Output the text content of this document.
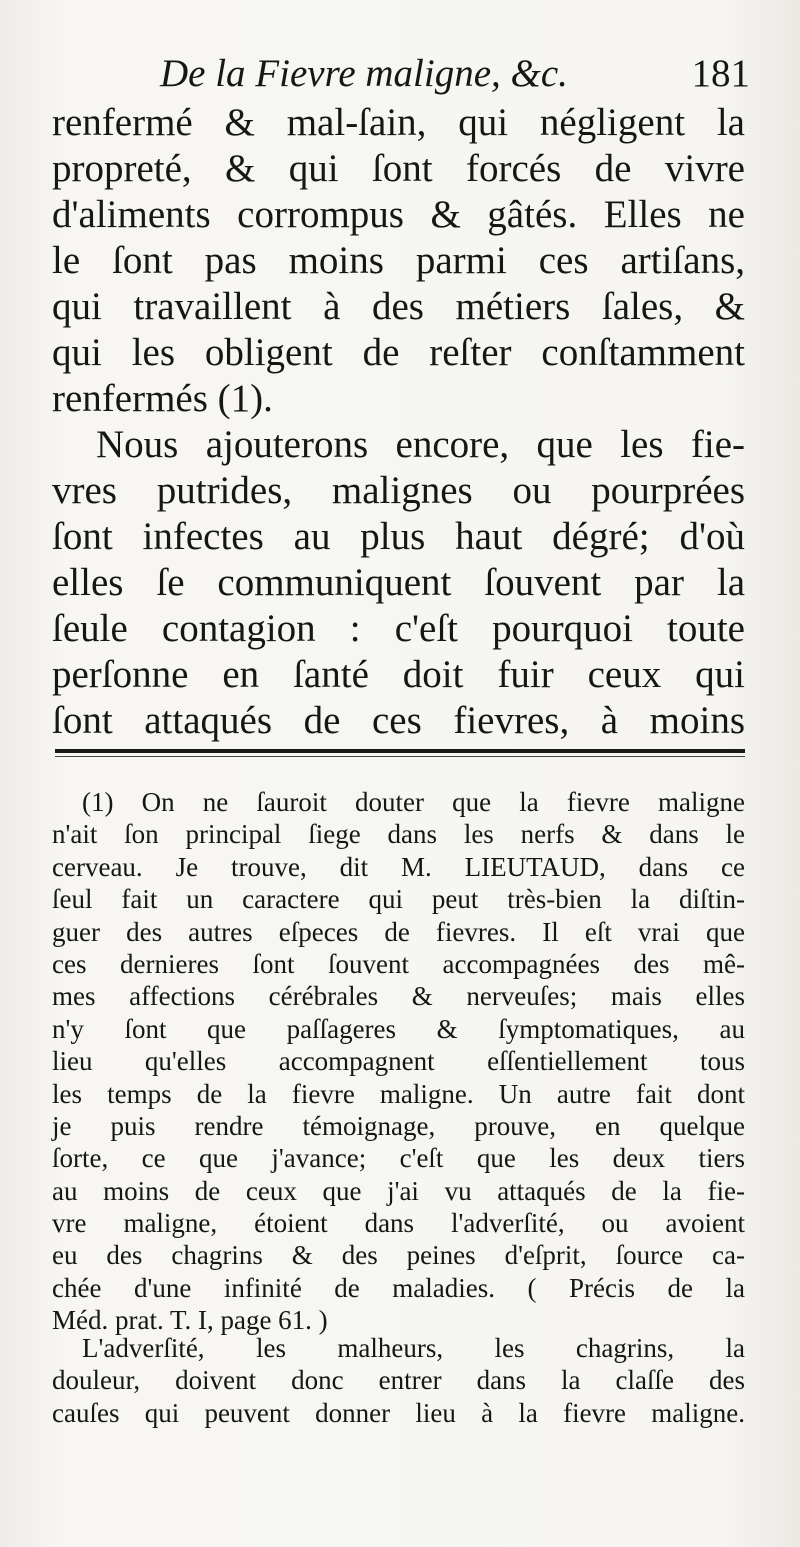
De la Fievre maligne, &c.	181
renfermé & mal-ſain, qui négligent la
propreté, & qui ſont forcés de vivre
d'aliments corrompus & gâtés. Elles ne
le ſont pas moins parmi ces artiſans,
qui travaillent à des métiers ſales, &
qui les obligent de reſter conſtamment
renfermés (1).
Nous ajouterons encore, que les fie-
vres putrides, malignes ou pourprées
ſont infectes au plus haut dégré; d'où
elles ſe communiquent ſouvent par la
ſeule contagion : c'eſt pourquoi toute
perſonne en ſanté doit fuir ceux qui
ſont attaqués de ces fievres, à moins
(1) On ne ſauroit douter que la fievre maligne
n'ait ſon principal ſiege dans les nerfs & dans le
cerveau. Je trouve, dit M. LIEUTAUD, dans ce
ſeul fait un caractere qui peut très-bien la diſtin-
guer des autres eſpeces de fievres. Il eſt vrai que
ces dernieres ſont ſouvent accompagnées des mê-
mes affections cérébrales & nerveuſes; mais elles
n'y ſont que paſſageres & ſymptomatiques, au
lieu qu'elles accompagnent eſſentiellement tous
les temps de la fievre maligne. Un autre fait dont
je puis rendre témoignage, prouve, en quelque
ſorte, ce que j'avance; c'eſt que les deux tiers
au moins de ceux que j'ai vu attaqués de la fie-
vre maligne, étoient dans l'adverſité, ou avoient
eu des chagrins & des peines d'eſprit, ſource ca-
chée d'une infinité de maladies. ( Précis de la
Méd. prat. T. I, page 61. )
L'adverſité, les malheurs, les chagrins, la
douleur, doivent donc entrer dans la claſſe des
cauſes qui peuvent donner lieu à la fievre maligne.
